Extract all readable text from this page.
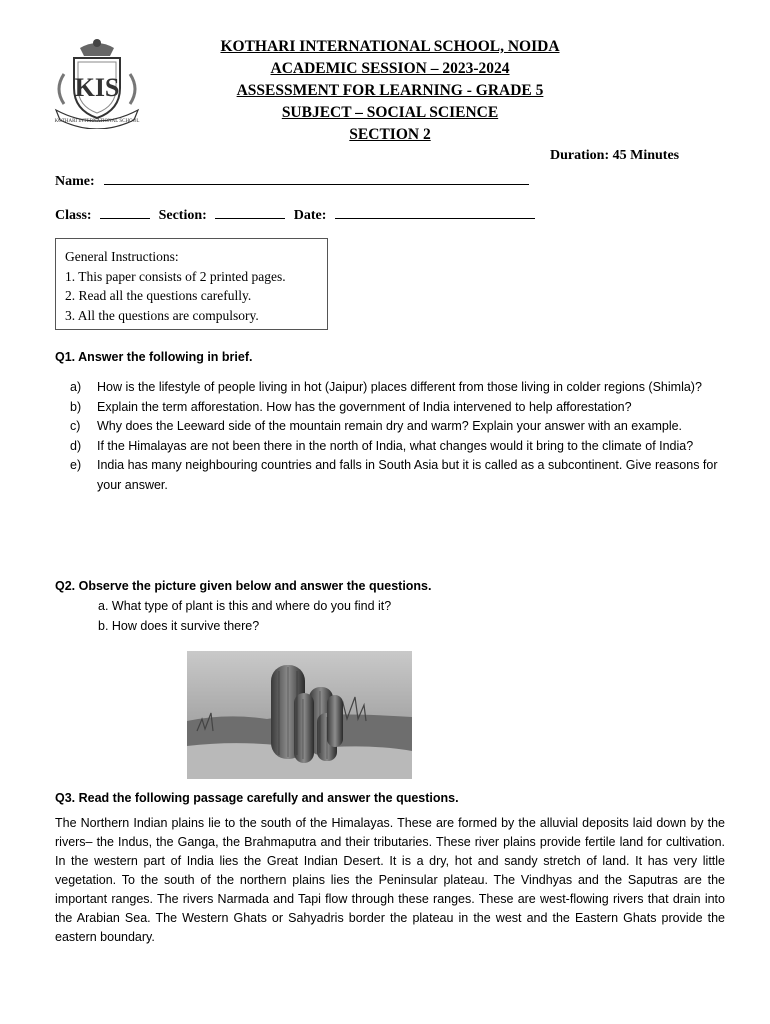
KIS
KOTHARI INTERNATIONAL SCHOOL
KOTHARI INTERNATIONAL SCHOOL, NOIDA
ACADEMIC SESSION – 2023-2024
ASSESSMENT FOR LEARNING - GRADE 5
SUBJECT – SOCIAL SCIENCE
SECTION 2
Duration: 45 Minutes
Name:
Class:	Section:	Date:
General Instructions:
1. This paper consists of 2 printed pages.
2. Read all the questions carefully.
3. All the questions are compulsory.
Q1. Answer the following in brief.
a)	How is the lifestyle of people living in hot (Jaipur) places different from those living in colder regions (Shimla)?
b)	Explain the term afforestation. How has the government of India intervened to help afforestation?
c)	Why does the Leeward side of the mountain remain dry and warm? Explain your answer with an example.
d)	If the Himalayas are not been there in the north of India, what changes would it bring to the climate of India?
e)	India has many neighbouring countries and falls in South Asia but it is called as a subcontinent. Give reasons for your answer.
Q2. Observe the picture given below and answer the questions.
a. What type of plant is this and where do you find it?
b. How does it survive there?
Q3. Read the following passage carefully and answer the questions.
The Northern Indian plains lie to the south of the Himalayas. These are formed by the alluvial deposits laid down by the rivers– the Indus, the Ganga, the Brahmaputra and their tributaries. These river plains provide fertile land for cultivation. In the western part of India lies the Great Indian Desert. It is a dry, hot and sandy stretch of land. It has very little vegetation. To the south of the northern plains lies the Peninsular plateau. The Vindhyas and the Saputras are the important ranges. The rivers Narmada and Tapi flow through these ranges. These are west-flowing rivers that drain into the Arabian Sea. The Western Ghats or Sahyadris border the plateau in the west and the Eastern Ghats provide the eastern boundary.
